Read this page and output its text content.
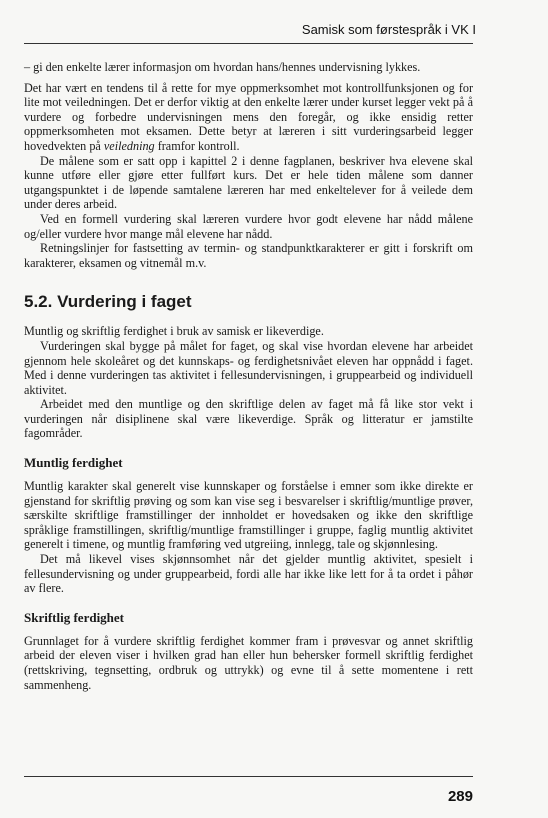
Samisk som førstespråk i VK I

– gi den enkelte lærer informasjon om hvordan hans/hennes undervisning lykkes.

Det har vært en tendens til å rette for mye oppmerksomhet mot kontrollfunksjonen og for lite mot veiledningen. Det er derfor viktig at den enkelte lærer under kurset legger vekt på å vurdere og forbedre undervisningen mens den foregår, og ikke ensidig retter oppmerksomheten mot eksamen. Dette betyr at læreren i sitt vurderingsarbeid legger hovedvekten på veiledning framfor kontroll.

De målene som er satt opp i kapittel 2 i denne fagplanen, beskriver hva elevene skal kunne utføre eller gjøre etter fullført kurs. Det er hele tiden målene som danner utgangspunktet i de løpende samtalene læreren har med enkeltelever for å veilede dem under deres arbeid.

Ved en formell vurdering skal læreren vurdere hvor godt elevene har nådd målene og/eller vurdere hvor mange mål elevene har nådd.

Retningslinjer for fastsetting av termin- og standpunktkarakterer er gitt i forskrift om karakterer, eksamen og vitnemål m.v.

5.2. Vurdering i faget

Muntlig og skriftlig ferdighet i bruk av samisk er likeverdige.

Vurderingen skal bygge på målet for faget, og skal vise hvordan elevene har arbeidet gjennom hele skoleåret og det kunnskaps- og ferdighetsnivået eleven har oppnådd i faget. Med i denne vurderingen tas aktivitet i fellesundervisningen, i gruppearbeid og individuell aktivitet.

Arbeidet med den muntlige og den skriftlige delen av faget må få like stor vekt i vurderingen når disiplinene skal være likeverdige. Språk og litteratur er jamstilte fagområder.

Muntlig ferdighet

Muntlig karakter skal generelt vise kunnskaper og forståelse i emner som ikke direkte er gjenstand for skriftlig prøving og som kan vise seg i besvarelser i skriftlig/muntlige prøver, særskilte skriftlige framstillinger der innholdet er hovedsaken og ikke den skriftlige språklige framstillingen, skriftlig/muntlige framstillinger i gruppe, faglig muntlig aktivitet generelt i timene, og muntlig framføring ved utgreiing, innlegg, tale og skjønnlesing.

Det må likevel vises skjønnsomhet når det gjelder muntlig aktivitet, spesielt i fellesundervisning og under gruppearbeid, fordi alle har ikke like lett for å ta ordet i påhør av flere.

Skriftlig ferdighet

Grunnlaget for å vurdere skriftlig ferdighet kommer fram i prøvesvar og annet skriftlig arbeid der eleven viser i hvilken grad han eller hun behersker formell skriftlig ferdighet (rettskriving, tegnsetting, ordbruk og uttrykk) og evne til å sette momentene i rett sammenheng.

289
